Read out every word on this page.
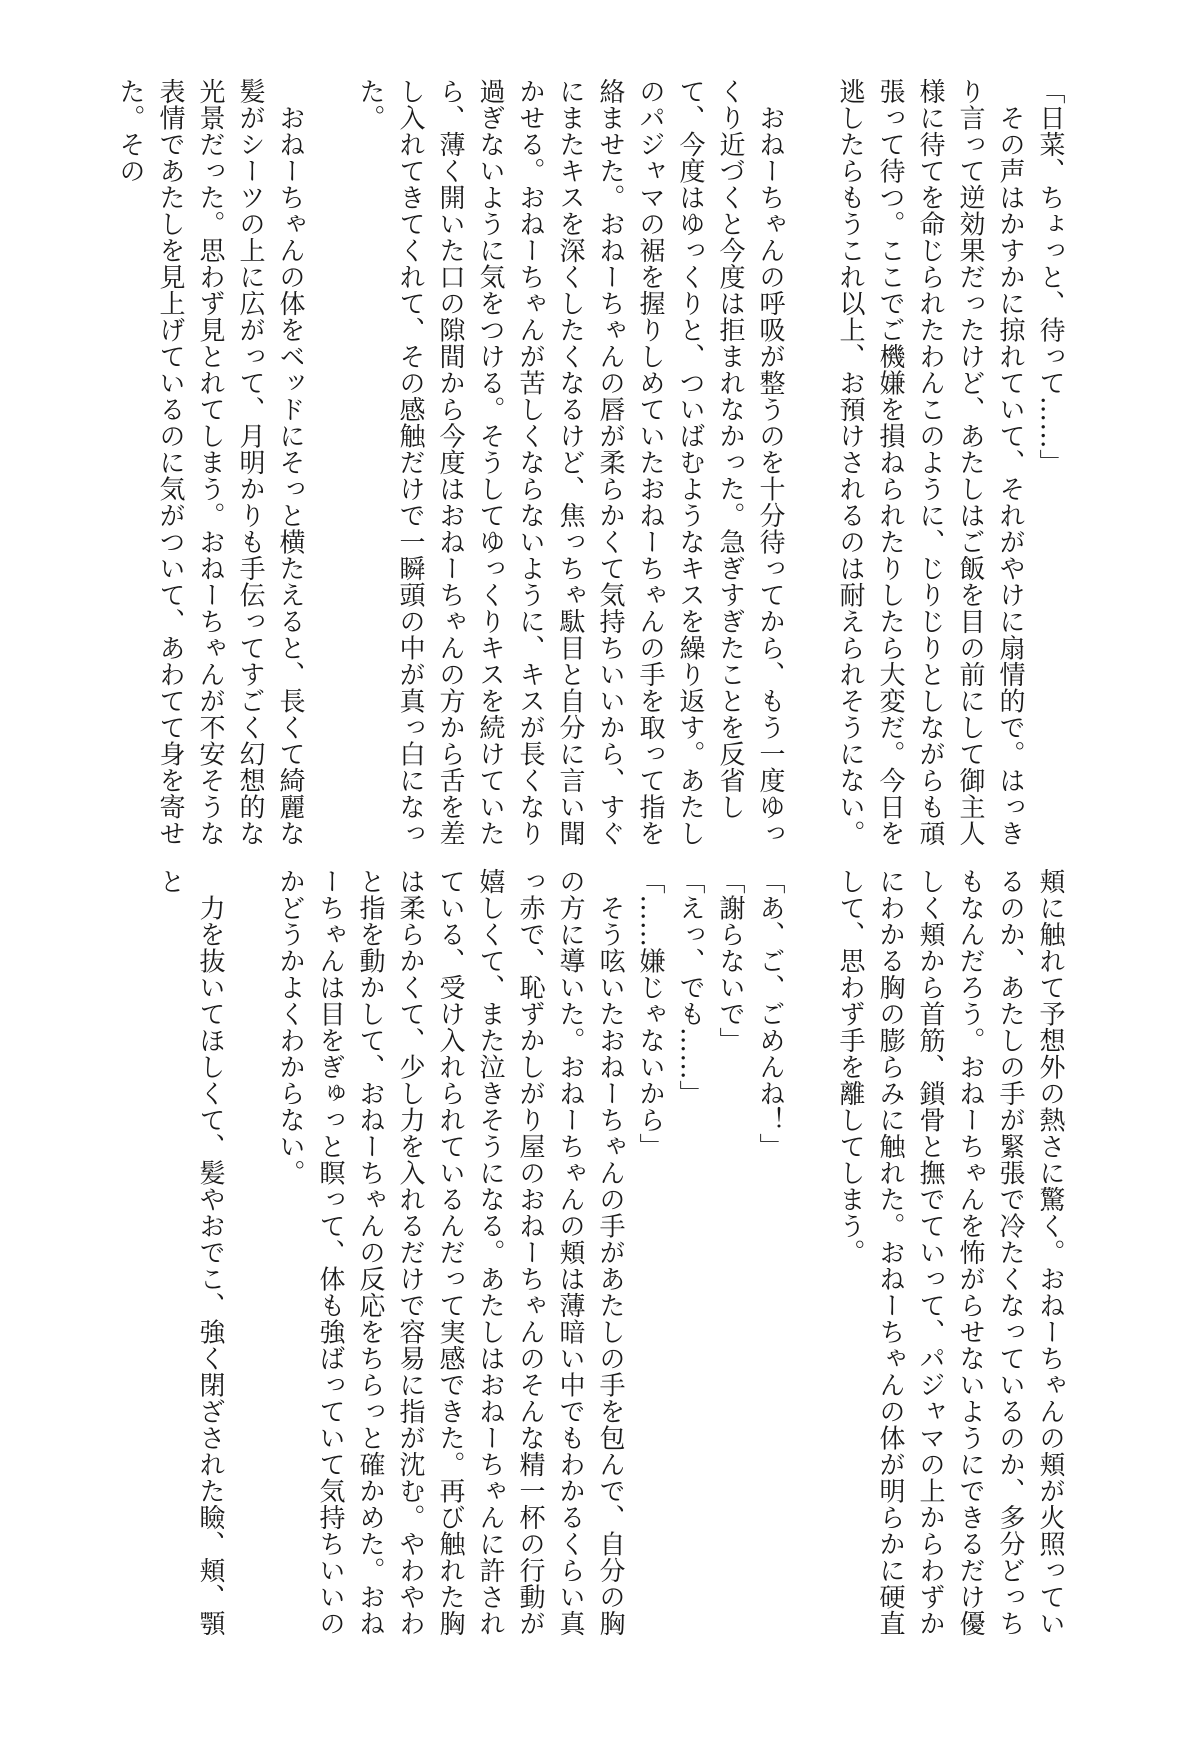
「日菜、ちょっと、待って……」

　その声はかすかに掠れていて、それがやけに扇情的で。はっきり言って逆効果だったけど、あたしはご飯を目の前にして御主人様に待てを命じられたわんこのように、じりじりとしながらも頑張って待つ。ここでご機嫌を損ねられたりしたら大変だ。今日を逃したらもうこれ以上、お預けされるのは耐えられそうにない。

　おねーちゃんの呼吸が整うのを十分待ってから、もう一度ゆっくり近づくと今度は拒まれなかった。急ぎすぎたことを反省して、今度はゆっくりと、ついばむようなキスを繰り返す。あたしのパジャマの裾を握りしめていたおねーちゃんの手を取って指を絡ませた。おねーちゃんの唇が柔らかくて気持ちいいから、すぐにまたキスを深くしたくなるけど、焦っちゃ駄目と自分に言い聞かせる。おねーちゃんが苦しくならないように、キスが長くなり過ぎないように気をつける。そうしてゆっくりキスを続けていたら、薄く開いた口の隙間から今度はおねーちゃんの方から舌を差し入れてきてくれて、その感触だけで一瞬頭の中が真っ白になった。

　おねーちゃんの体をベッドにそっと横たえると、長くて綺麗な髪がシーツの上に広がって、月明かりも手伝ってすごく幻想的な光景だった。思わず見とれてしまう。おねーちゃんが不安そうな表情であたしを見上げているのに気がついて、あわてて身を寄せた。その

頬に触れて予想外の熱さに驚く。おねーちゃんの頬が火照っているのか、あたしの手が緊張で冷たくなっているのか、多分どっちもなんだろう。おねーちゃんを怖がらせないようにできるだけ優しく頬から首筋、鎖骨と撫でていって、パジャマの上からわずかにわかる胸の膨らみに触れた。おねーちゃんの体が明らかに硬直して、思わず手を離してしまう。

「あ、ご、ごめんね！」

「謝らないで」

「えっ、でも……」

「……嫌じゃないから」

　そう呟いたおねーちゃんの手があたしの手を包んで、自分の胸の方に導いた。おねーちゃんの頬は薄暗い中でもわかるくらい真っ赤で、恥ずかしがり屋のおねーちゃんのそんな精一杯の行動が嬉しくて、また泣きそうになる。あたしはおねーちゃんに許されている、受け入れられているんだって実感できた。再び触れた胸は柔らかくて、少し力を入れるだけで容易に指が沈む。やわやわと指を動かして、おねーちゃんの反応をちらっと確かめた。おねーちゃんは目をぎゅっと瞑って、体も強ばっていて気持ちいいのかどうかよくわからない。

　力を抜いてほしくて、髪やおでこ、強く閉ざされた瞼、頬、顎と
